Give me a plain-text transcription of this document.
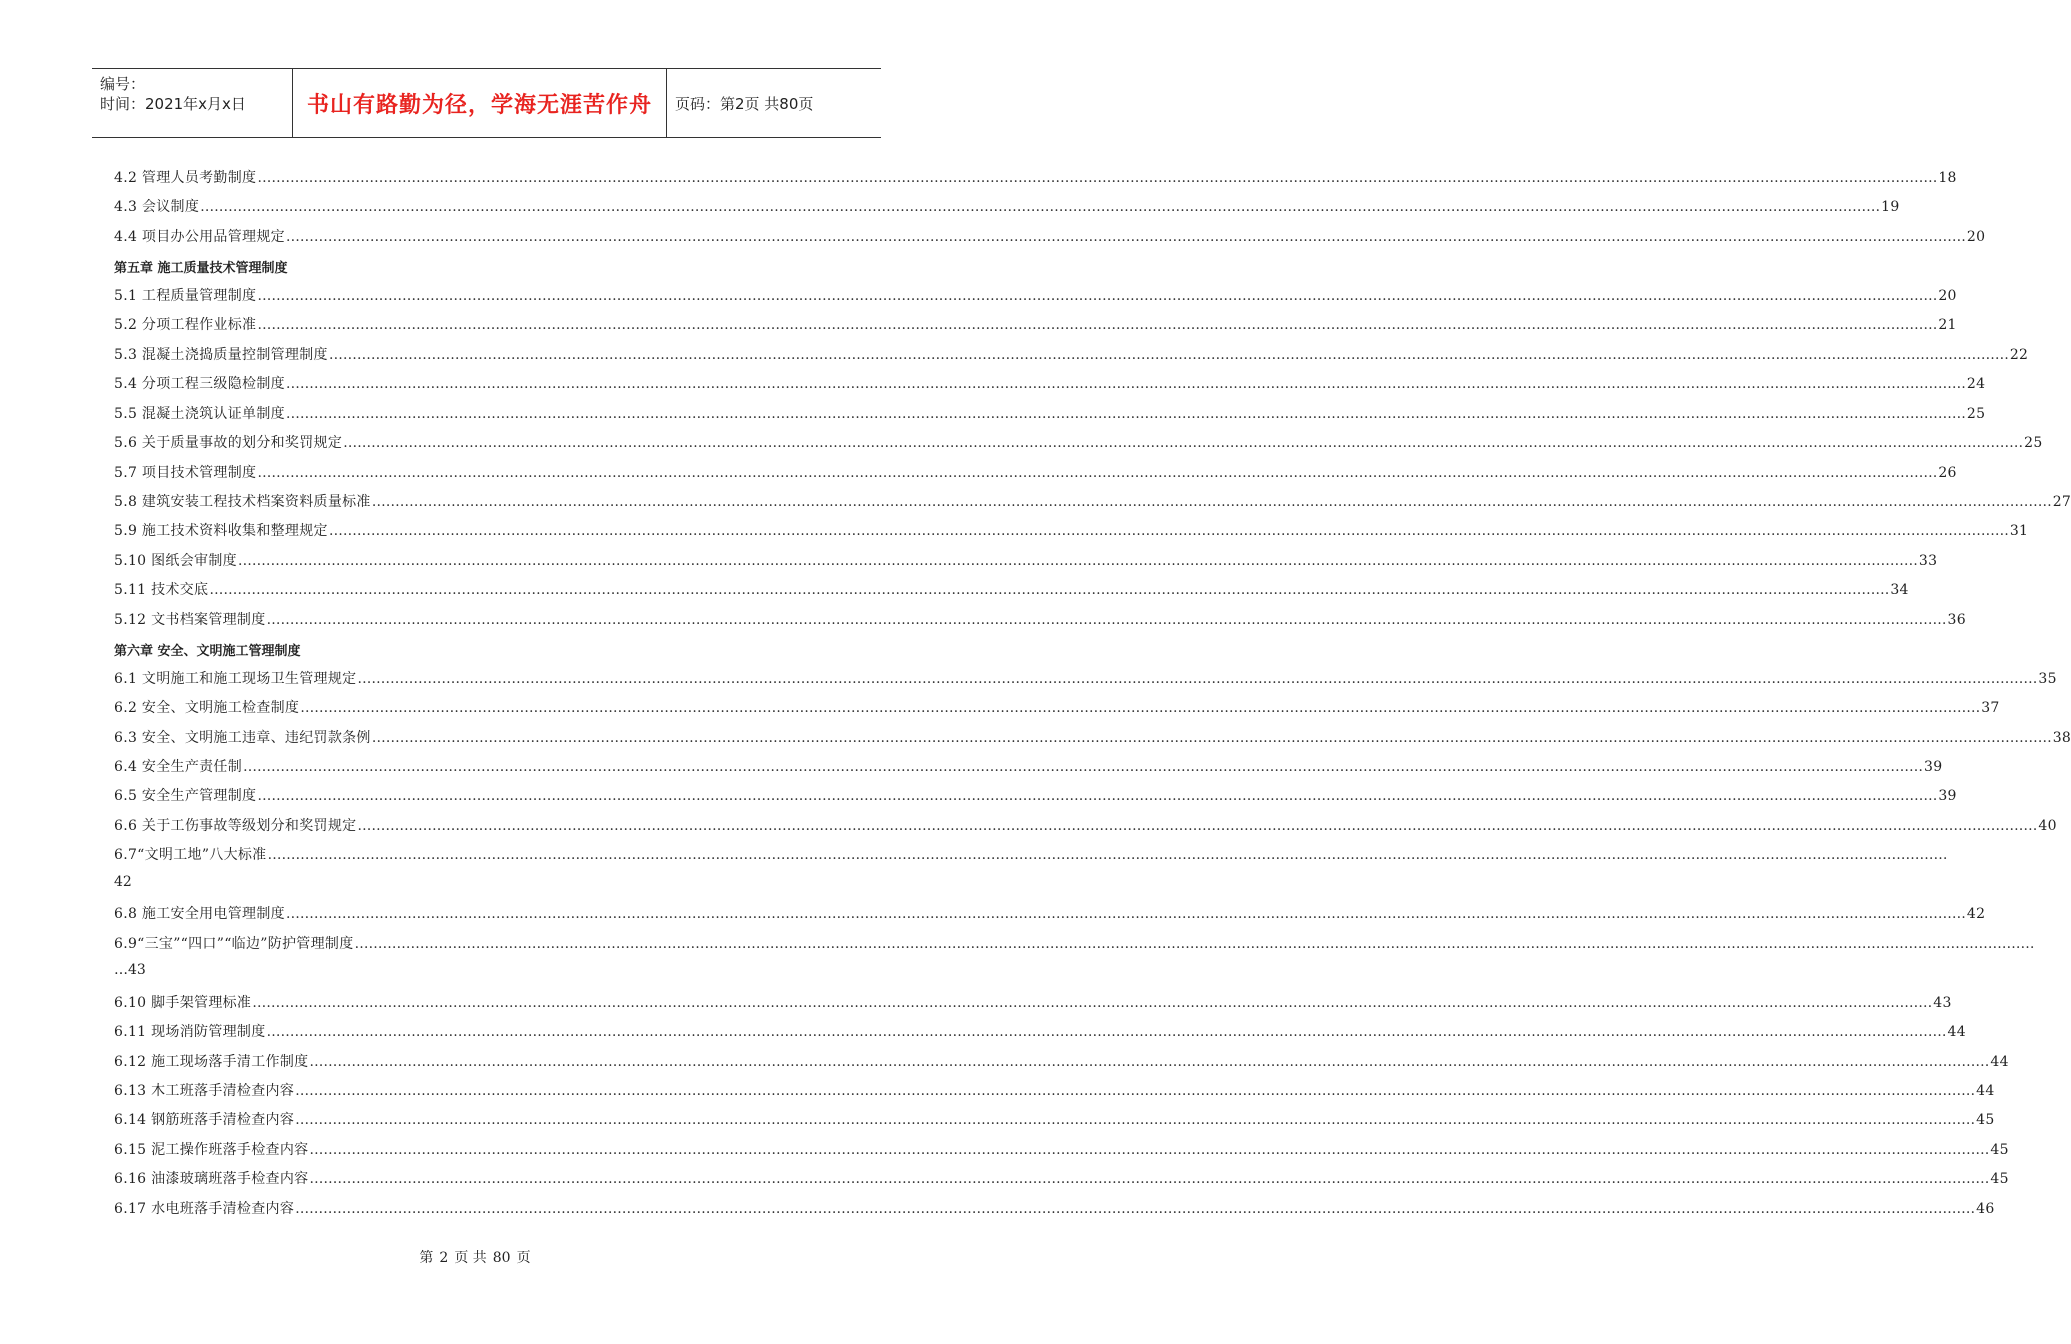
编号：
时间：2021年x月x日	书山有路勤为径，学海无涯苦作舟	页码：第2页 共80页
4.2 管理人员考勤制度 ……………………………………………………………………………………………………………………………………………………………………………………………………………………………………………………………………………………………………………………………… 18
4.3 会议制度 ……………………………………………………………………………………………………………………………………………………………………………………………………………………………………………………………………………………………………………………………… 19
4.4 项目办公用品管理规定 ……………………………………………………………………………………………………………………………………………………………………………………………………………………………………………………………………………………………………………………………… 20
第五章 施工质量技术管理制度
5.1 工程质量管理制度 ……………………………………………………………………………………………………………………………………………………………………………………………………………………………………………………………………………………………………………………………… 20
5.2 分项工程作业标准 ……………………………………………………………………………………………………………………………………………………………………………………………………………………………………………………………………………………………………………………………… 21
5.3 混凝土浇捣质量控制管理制度 ……………………………………………………………………………………………………………………………………………………………………………………………………………………………………………………………………………………………………………………………… 22
5.4 分项工程三级隐检制度 ……………………………………………………………………………………………………………………………………………………………………………………………………………………………………………………………………………………………………………………………… 24
5.5 混凝土浇筑认证单制度 ……………………………………………………………………………………………………………………………………………………………………………………………………………………………………………………………………………………………………………………………… 25
5.6 关于质量事故的划分和奖罚规定 ……………………………………………………………………………………………………………………………………………………………………………………………………………………………………………………………………………………………………………………………… 25
5.7 项目技术管理制度 ……………………………………………………………………………………………………………………………………………………………………………………………………………………………………………………………………………………………………………………………… 26
5.8 建筑安装工程技术档案资料质量标准 ……………………………………………………………………………………………………………………………………………………………………………………………………………………………………………………………………………………………………………………………… 27
5.9 施工技术资料收集和整理规定 ……………………………………………………………………………………………………………………………………………………………………………………………………………………………………………………………………………………………………………………………… 31
5.10 图纸会审制度 ……………………………………………………………………………………………………………………………………………………………………………………………………………………………………………………………………………………………………………………………… 33
5.11 技术交底 ……………………………………………………………………………………………………………………………………………………………………………………………………………………………………………………………………………………………………………………………… 34
5.12 文书档案管理制度 ……………………………………………………………………………………………………………………………………………………………………………………………………………………………………………………………………………………………………………………………… 36
第六章 安全、文明施工管理制度
6.1 文明施工和施工现场卫生管理规定 ……………………………………………………………………………………………………………………………………………………………………………………………………………………………………………………………………………………………………………………………… 35
6.2 安全、文明施工检查制度 ……………………………………………………………………………………………………………………………………………………………………………………………………………………………………………………………………………………………………………………………… 37
6.3 安全、文明施工违章、违纪罚款条例 ……………………………………………………………………………………………………………………………………………………………………………………………………………………………………………………………………………………………………………………………… 38
6.4 安全生产责任制 ……………………………………………………………………………………………………………………………………………………………………………………………………………………………………………………………………………………………………………………………… 39
6.5 安全生产管理制度 ……………………………………………………………………………………………………………………………………………………………………………………………………………………………………………………………………………………………………………………………… 39
6.6 关于工伤事故等级划分和奖罚规定 ……………………………………………………………………………………………………………………………………………………………………………………………………………………………………………………………………………………………………………………………… 40
6.7“文明工地”八大标准 ………………………………………………………………………………………………………………………………………………………………………………………………………………………………………………………………………………………………………………………………
42
6.8 施工安全用电管理制度 ……………………………………………………………………………………………………………………………………………………………………………………………………………………………………………………………………………………………………………………………… 42
6.9“三宝”“四口”“临边”防护管理制度 ………………………………………………………………………………………………………………………………………………………………………………………………………………………………………………………………………………………………………………………………
…43
6.10 脚手架管理标准 ……………………………………………………………………………………………………………………………………………………………………………………………………………………………………………………………………………………………………………………………… 43
6.11 现场消防管理制度 ……………………………………………………………………………………………………………………………………………………………………………………………………………………………………………………………………………………………………………………………… 44
6.12 施工现场落手清工作制度 ……………………………………………………………………………………………………………………………………………………………………………………………………………………………………………………………………………………………………………………………… 44
6.13 木工班落手清检查内容 ……………………………………………………………………………………………………………………………………………………………………………………………………………………………………………………………………………………………………………………………… 44
6.14 钢筋班落手清检查内容 ……………………………………………………………………………………………………………………………………………………………………………………………………………………………………………………………………………………………………………………………… 45
6.15 泥工操作班落手检查内容 ……………………………………………………………………………………………………………………………………………………………………………………………………………………………………………………………………………………………………………………………… 45
6.16 油漆玻璃班落手检查内容 ……………………………………………………………………………………………………………………………………………………………………………………………………………………………………………………………………………………………………………………………… 45
6.17 水电班落手清检查内容 ……………………………………………………………………………………………………………………………………………………………………………………………………………………………………………………………………………………………………………………………… 46
第 2 页 共 80 页
